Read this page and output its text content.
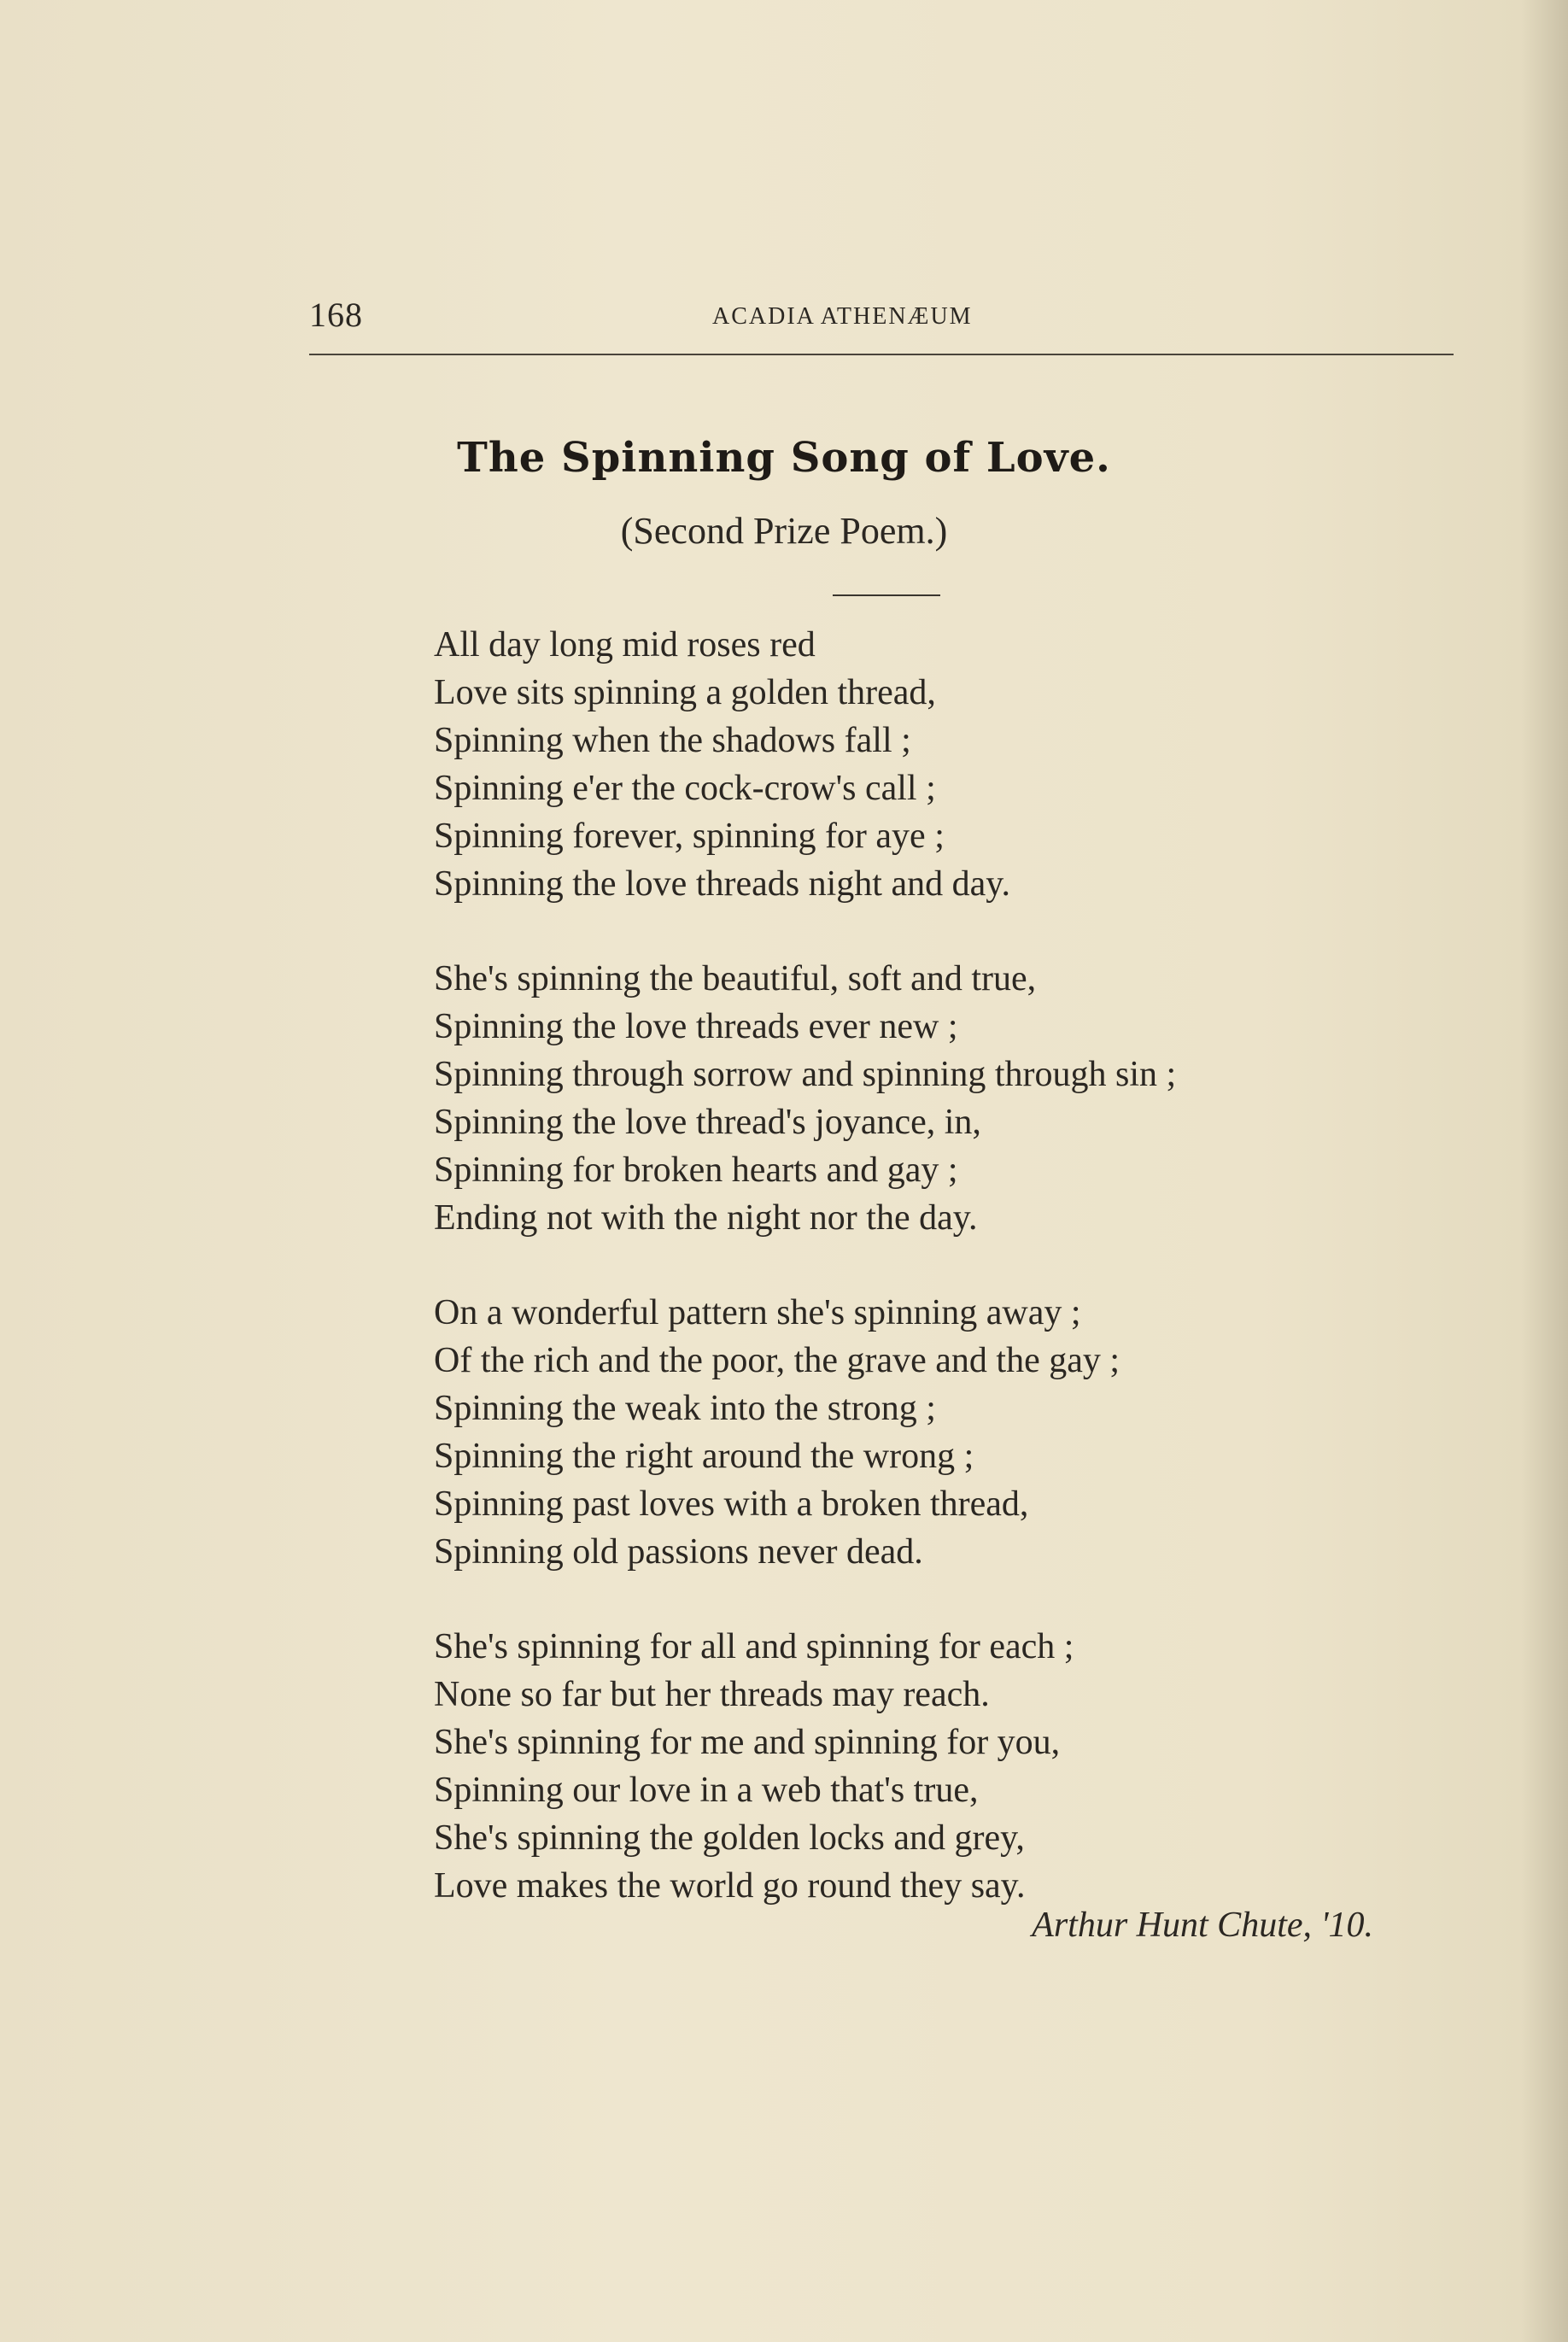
168	ACADIA ATHENÆUM
The Spinning Song of Love.
(Second Prize Poem.)
All day long mid roses red
Love sits spinning a golden thread,
Spinning when the shadows fall ;
Spinning e'er the cock-crow's call ;
Spinning forever, spinning for aye ;
Spinning the love threads night and day.
She's spinning the beautiful, soft and true,
Spinning the love threads ever new ;
Spinning through sorrow and spinning through sin ;
Spinning the love thread's joyance, in,
Spinning for broken hearts and gay ;
Ending not with the night nor the day.
On a wonderful pattern she's spinning away ;
Of the rich and the poor, the grave and the gay ;
Spinning the weak into the strong ;
Spinning the right around the wrong ;
Spinning past loves with a broken thread,
Spinning old passions never dead.
She's spinning for all and spinning for each ;
None so far but her threads may reach.
She's spinning for me and spinning for you,
Spinning our love in a web that's true,
She's spinning the golden locks and grey,
Love makes the world go round they say.
Arthur Hunt Chute, '10.
